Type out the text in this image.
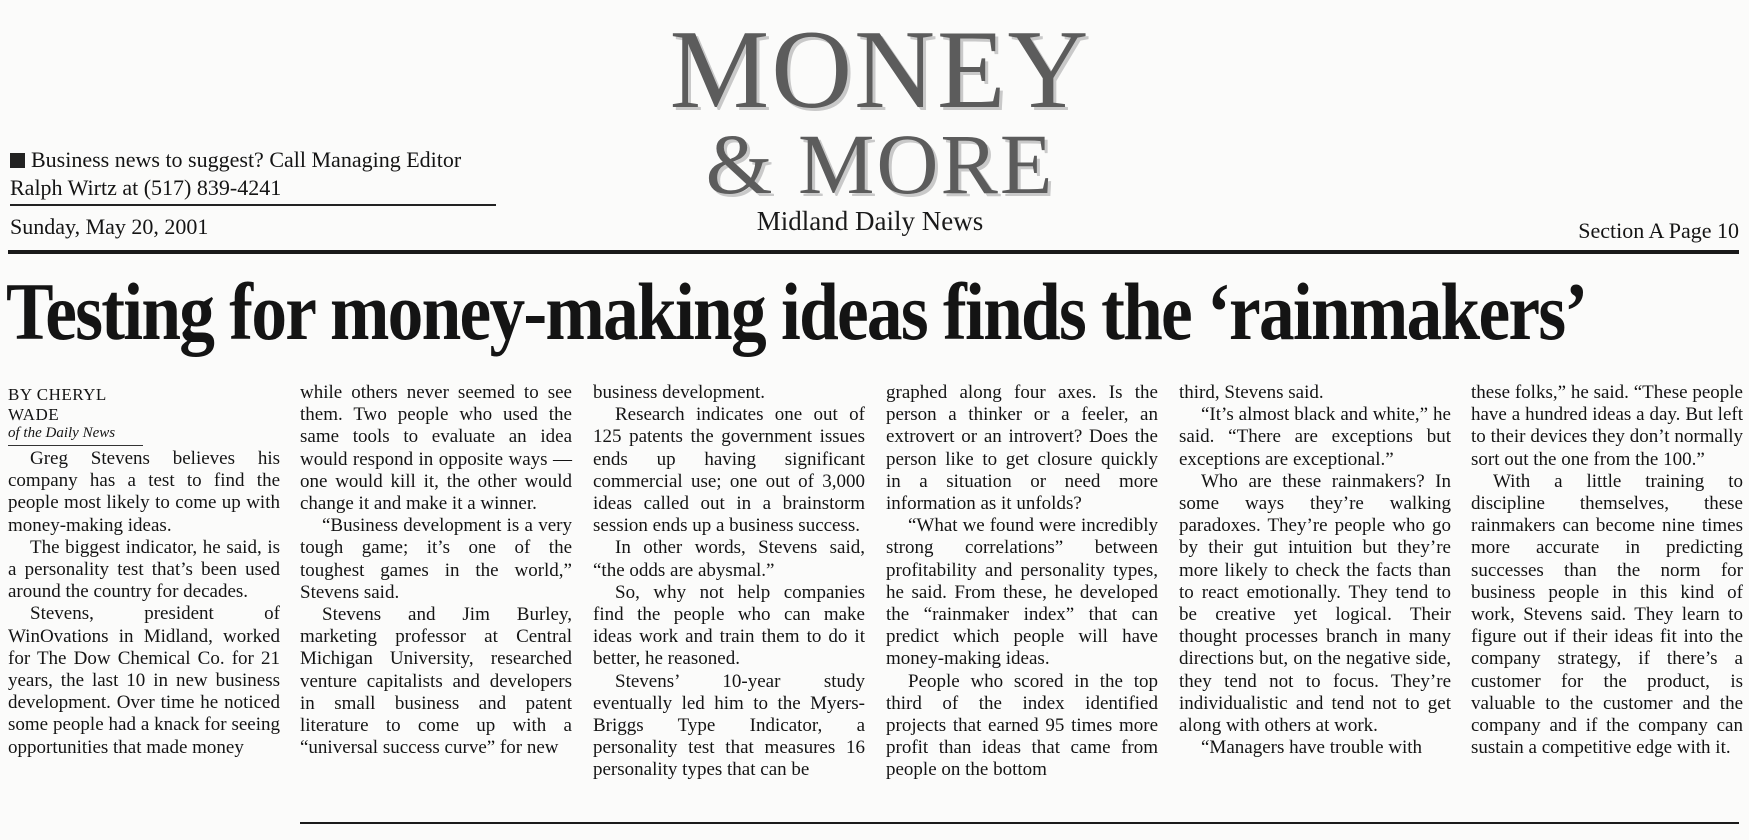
MONEY
& MORE
Midland Daily News
Business news to suggest? Call Managing Editor Ralph Wirtz at (517) 839-4241
Sunday, May 20, 2001	Section A Page 10
Testing for money-making ideas finds the ‘rainmakers’
BY CHERYL WADE
of the Daily News

Greg Stevens believes his company has a test to find the people most likely to come up with money-making ideas.

The biggest indicator, he said, is a personality test that’s been used around the country for decades.

Stevens, president of WinOvations in Midland, worked for The Dow Chemical Co. for 21 years, the last 10 in new business development. Over time he noticed some people had a knack for seeing opportunities that made money

while others never seemed to see them. Two people who used the same tools to evaluate an idea would respond in opposite ways — one would kill it, the other would change it and make it a winner.

“Business development is a very tough game; it’s one of the toughest games in the world,” Stevens said.

Stevens and Jim Burley, marketing professor at Central Michigan University, researched venture capitalists and developers in small business and patent literature to come up with a “universal success curve” for new

business development.

Research indicates one out of 125 patents the government issues ends up having significant commercial use; one out of 3,000 ideas called out in a brainstorm session ends up a business success.

In other words, Stevens said, “the odds are abysmal.”

So, why not help companies find the people who can make ideas work and train them to do it better, he reasoned.

Stevens’ 10-year study eventually led him to the Myers-Briggs Type Indicator, a personality test that measures 16 personality types that can be

graphed along four axes. Is the person a thinker or a feeler, an extrovert or an introvert? Does the person like to get closure quickly in a situation or need more information as it unfolds?

“What we found were incredibly strong correlations” between profitability and personality types, he said. From these, he developed the “rainmaker index” that can predict which people will have money-making ideas.

People who scored in the top third of the index identified projects that earned 95 times more profit than ideas that came from people on the bottom

third, Stevens said.

“It’s almost black and white,” he said. “There are exceptions but exceptions are exceptional.”

Who are these rainmakers? In some ways they’re walking paradoxes. They’re people who go by their gut intuition but they’re more likely to check the facts than to react emotionally. They tend to be creative yet logical. Their thought processes branch in many directions but, on the negative side, they tend not to focus. They’re individualistic and tend not to get along with others at work.

“Managers have trouble with

these folks,” he said. “These people have a hundred ideas a day. But left to their devices they don’t normally sort out the one from the 100.”

With a little training to discipline themselves, these rainmakers can become nine times more accurate in predicting successes than the norm for business people in this kind of work, Stevens said. They learn to figure out if their ideas fit into the company strategy, if there’s a customer for the product, is valuable to the customer and the company and if the company can sustain a competitive edge with it.
